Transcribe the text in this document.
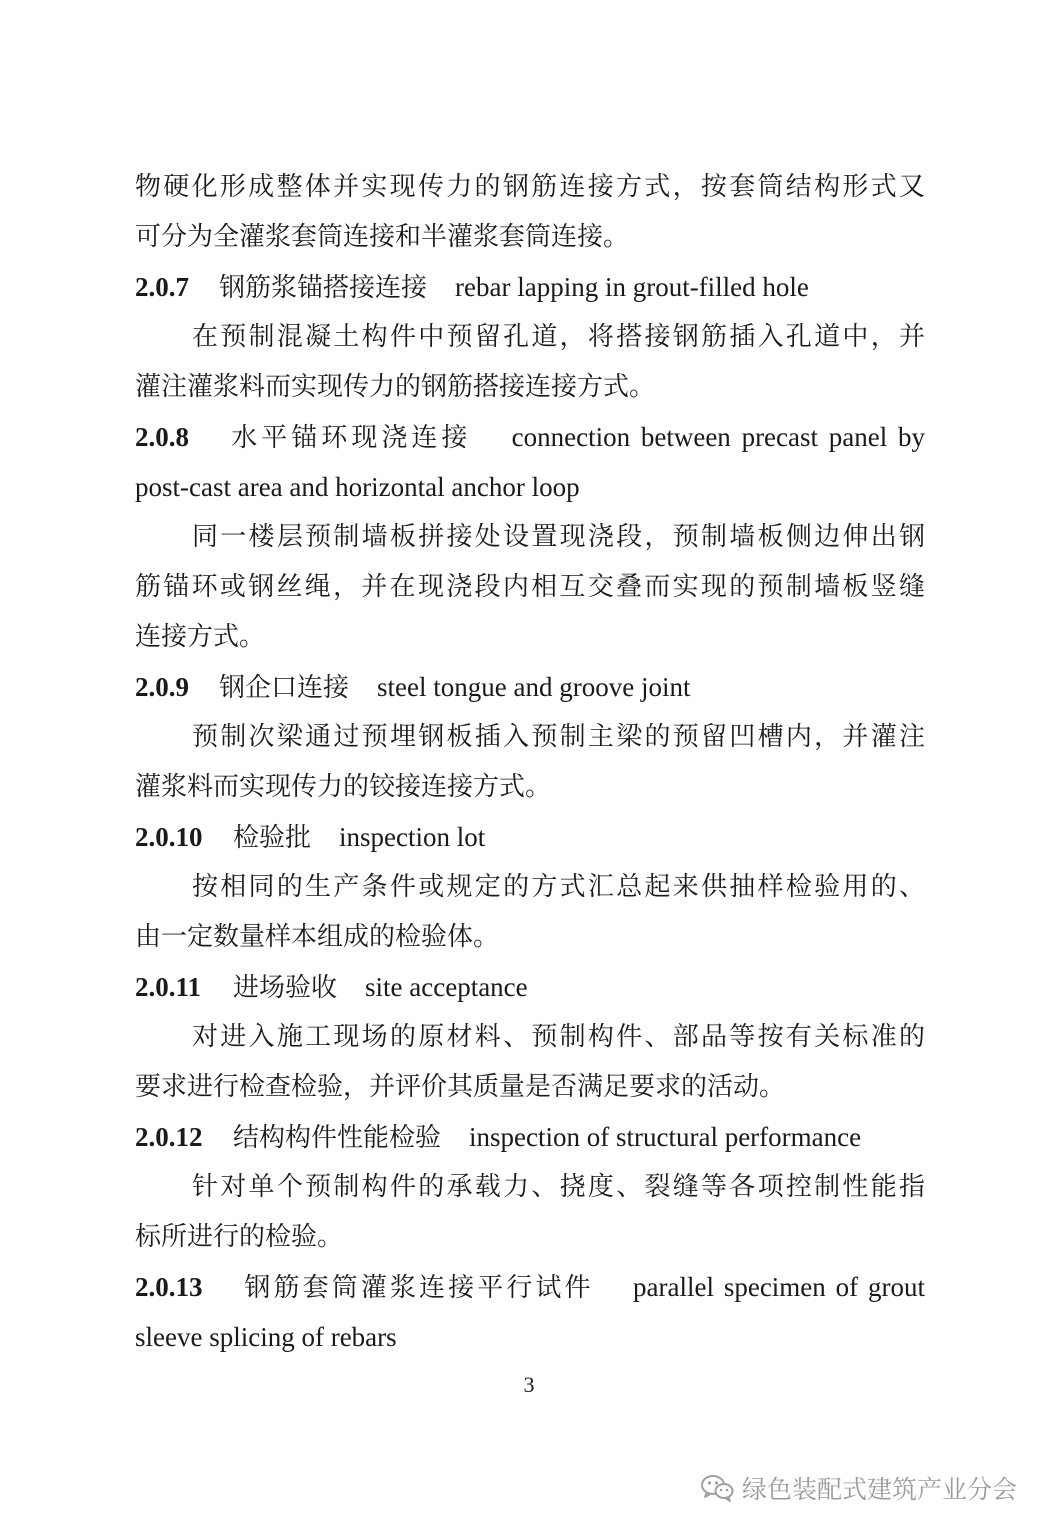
物硬化形成整体并实现传力的钢筋连接方式，按套筒结构形式又
可分为全灌浆套筒连接和半灌浆套筒连接。
2.0.7 钢筋浆锚搭接连接 rebar lapping in grout-filled hole
在预制混凝土构件中预留孔道，将搭接钢筋插入孔道中，并
灌注灌浆料而实现传力的钢筋搭接连接方式。
2.0.8 水平锚环现浇连接 connection between precast panel by
post-cast area and horizontal anchor loop
同一楼层预制墙板拼接处设置现浇段，预制墙板侧边伸出钢
筋锚环或钢丝绳，并在现浇段内相互交叠而实现的预制墙板竖缝
连接方式。
2.0.9 钢企口连接 steel tongue and groove joint
预制次梁通过预埋钢板插入预制主梁的预留凹槽内，并灌注
灌浆料而实现传力的铰接连接方式。
2.0.10 检验批 inspection lot
按相同的生产条件或规定的方式汇总起来供抽样检验用的、
由一定数量样本组成的检验体。
2.0.11 进场验收 site acceptance
对进入施工现场的原材料、预制构件、部品等按有关标准的
要求进行检查检验，并评价其质量是否满足要求的活动。
2.0.12 结构构件性能检验 inspection of structural performance
针对单个预制构件的承载力、挠度、裂缝等各项控制性能指
标所进行的检验。
2.0.13 钢筋套筒灌浆连接平行试件 parallel specimen of grout
sleeve splicing of rebars
3
绿色装配式建筑产业分会
